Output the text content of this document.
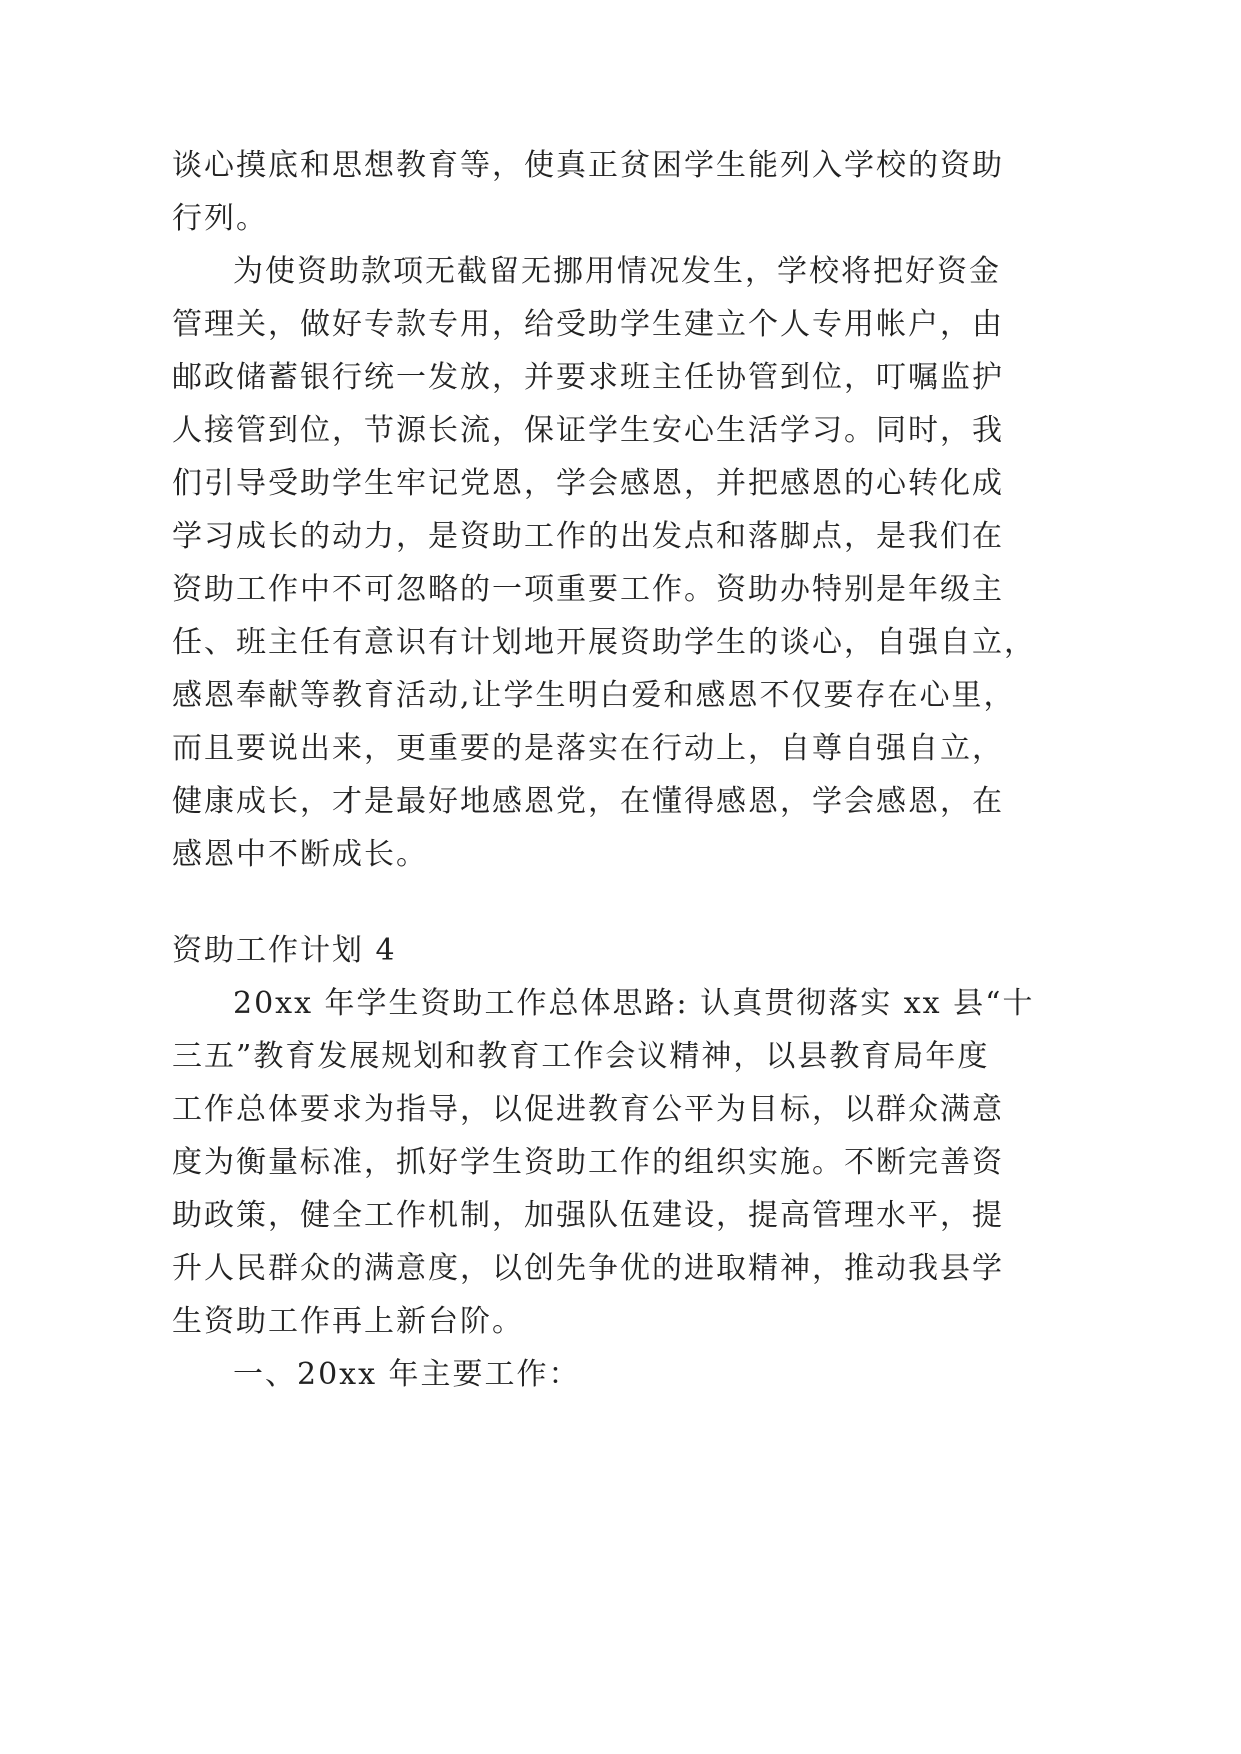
谈心摸底和思想教育等，使真正贫困学生能列入学校的资助
行列。
为使资助款项无截留无挪用情况发生，学校将把好资金
管理关，做好专款专用，给受助学生建立个人专用帐户，由
邮政储蓄银行统一发放，并要求班主任协管到位，叮嘱监护
人接管到位，节源长流，保证学生安心生活学习。同时，我
们引导受助学生牢记党恩，学会感恩，并把感恩的心转化成
学习成长的动力，是资助工作的出发点和落脚点，是我们在
资助工作中不可忽略的一项重要工作。资助办特别是年级主
任、班主任有意识有计划地开展资助学生的谈心，自强自立，
感恩奉献等教育活动,让学生明白爱和感恩不仅要存在心里，
而且要说出来，更重要的是落实在行动上，自尊自强自立，
健康成长，才是最好地感恩党，在懂得感恩，学会感恩，在
感恩中不断成长。
资助工作计划 4
20xx 年学生资助工作总体思路: 认真贯彻落实 xx 县“十
三五”教育发展规划和教育工作会议精神，以县教育局年度
工作总体要求为指导，以促进教育公平为目标，以群众满意
度为衡量标准，抓好学生资助工作的组织实施。不断完善资
助政策，健全工作机制，加强队伍建设，提高管理水平，提
升人民群众的满意度，以创先争优的进取精神，推动我县学
生资助工作再上新台阶。
一、20xx 年主要工作：
